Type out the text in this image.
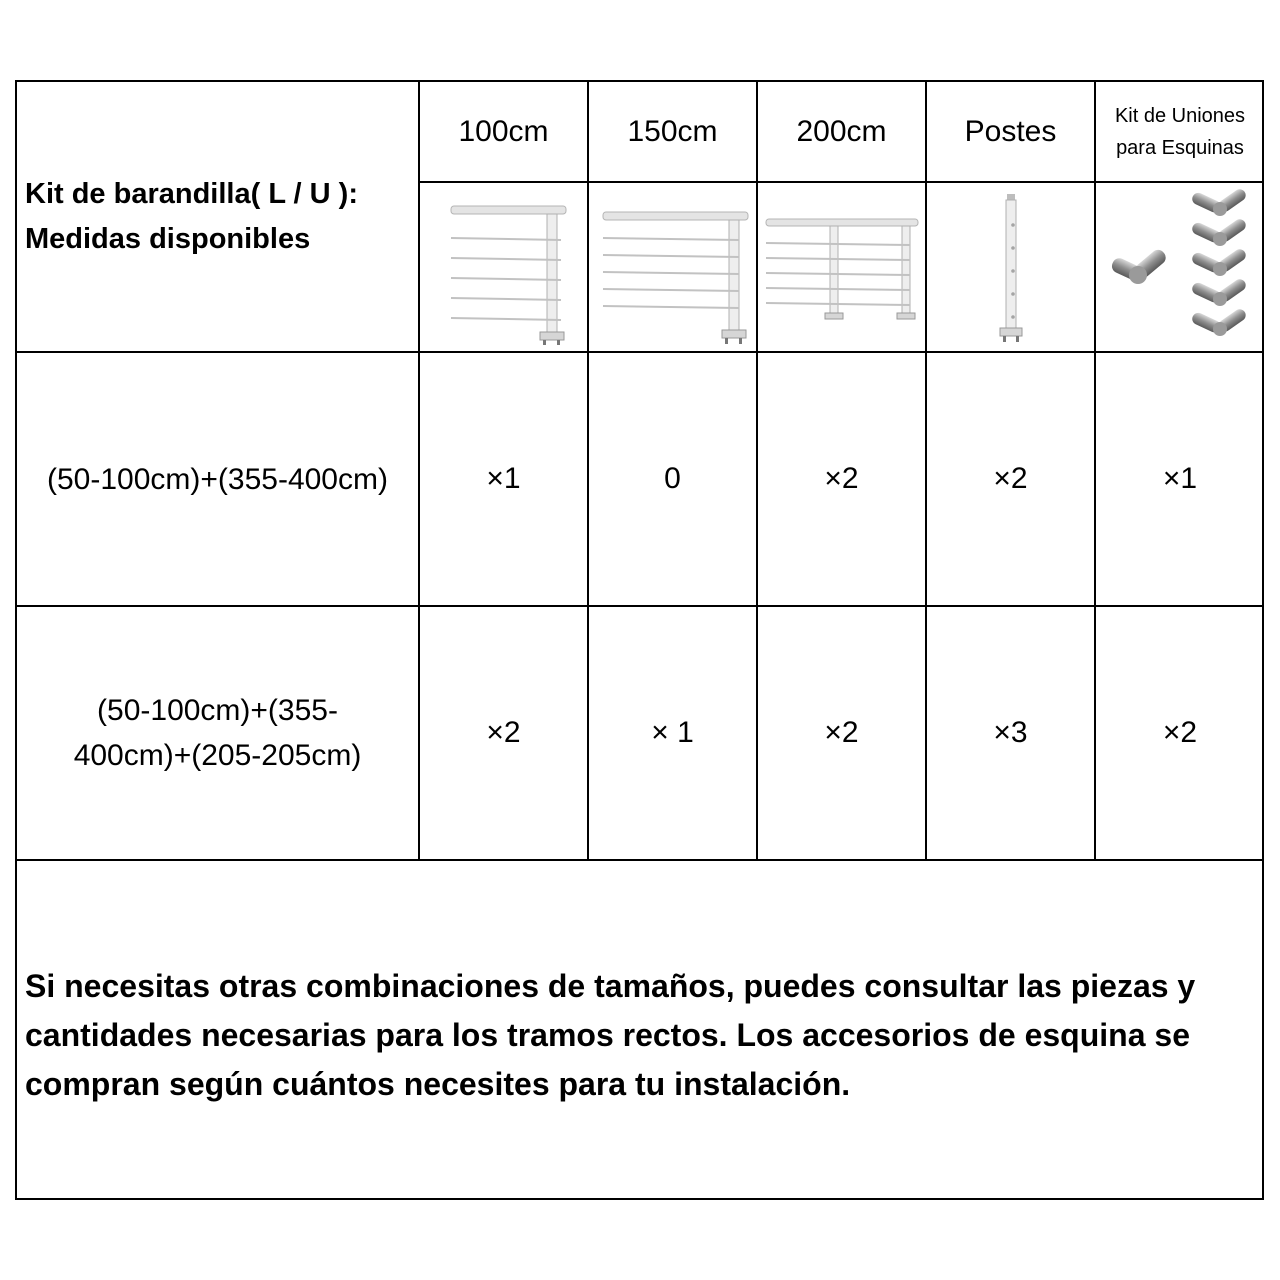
Kit de barandilla( L / U ):
Medidas disponibles
100cm	150cm	200cm	Postes	Kit de Uniones
para Esquinas
(50-100cm)+(355-400cm)	×1	0	×2	×2	×1
(50-100cm)+(355-
400cm)+(205-205cm)
×2	× 1	×2	×3	×2
Si necesitas otras combinaciones de tamaños, puedes consultar las piezas y
cantidades necesarias para los tramos rectos. Los accesorios de esquina se
compran según cuántos necesites para tu instalación.
